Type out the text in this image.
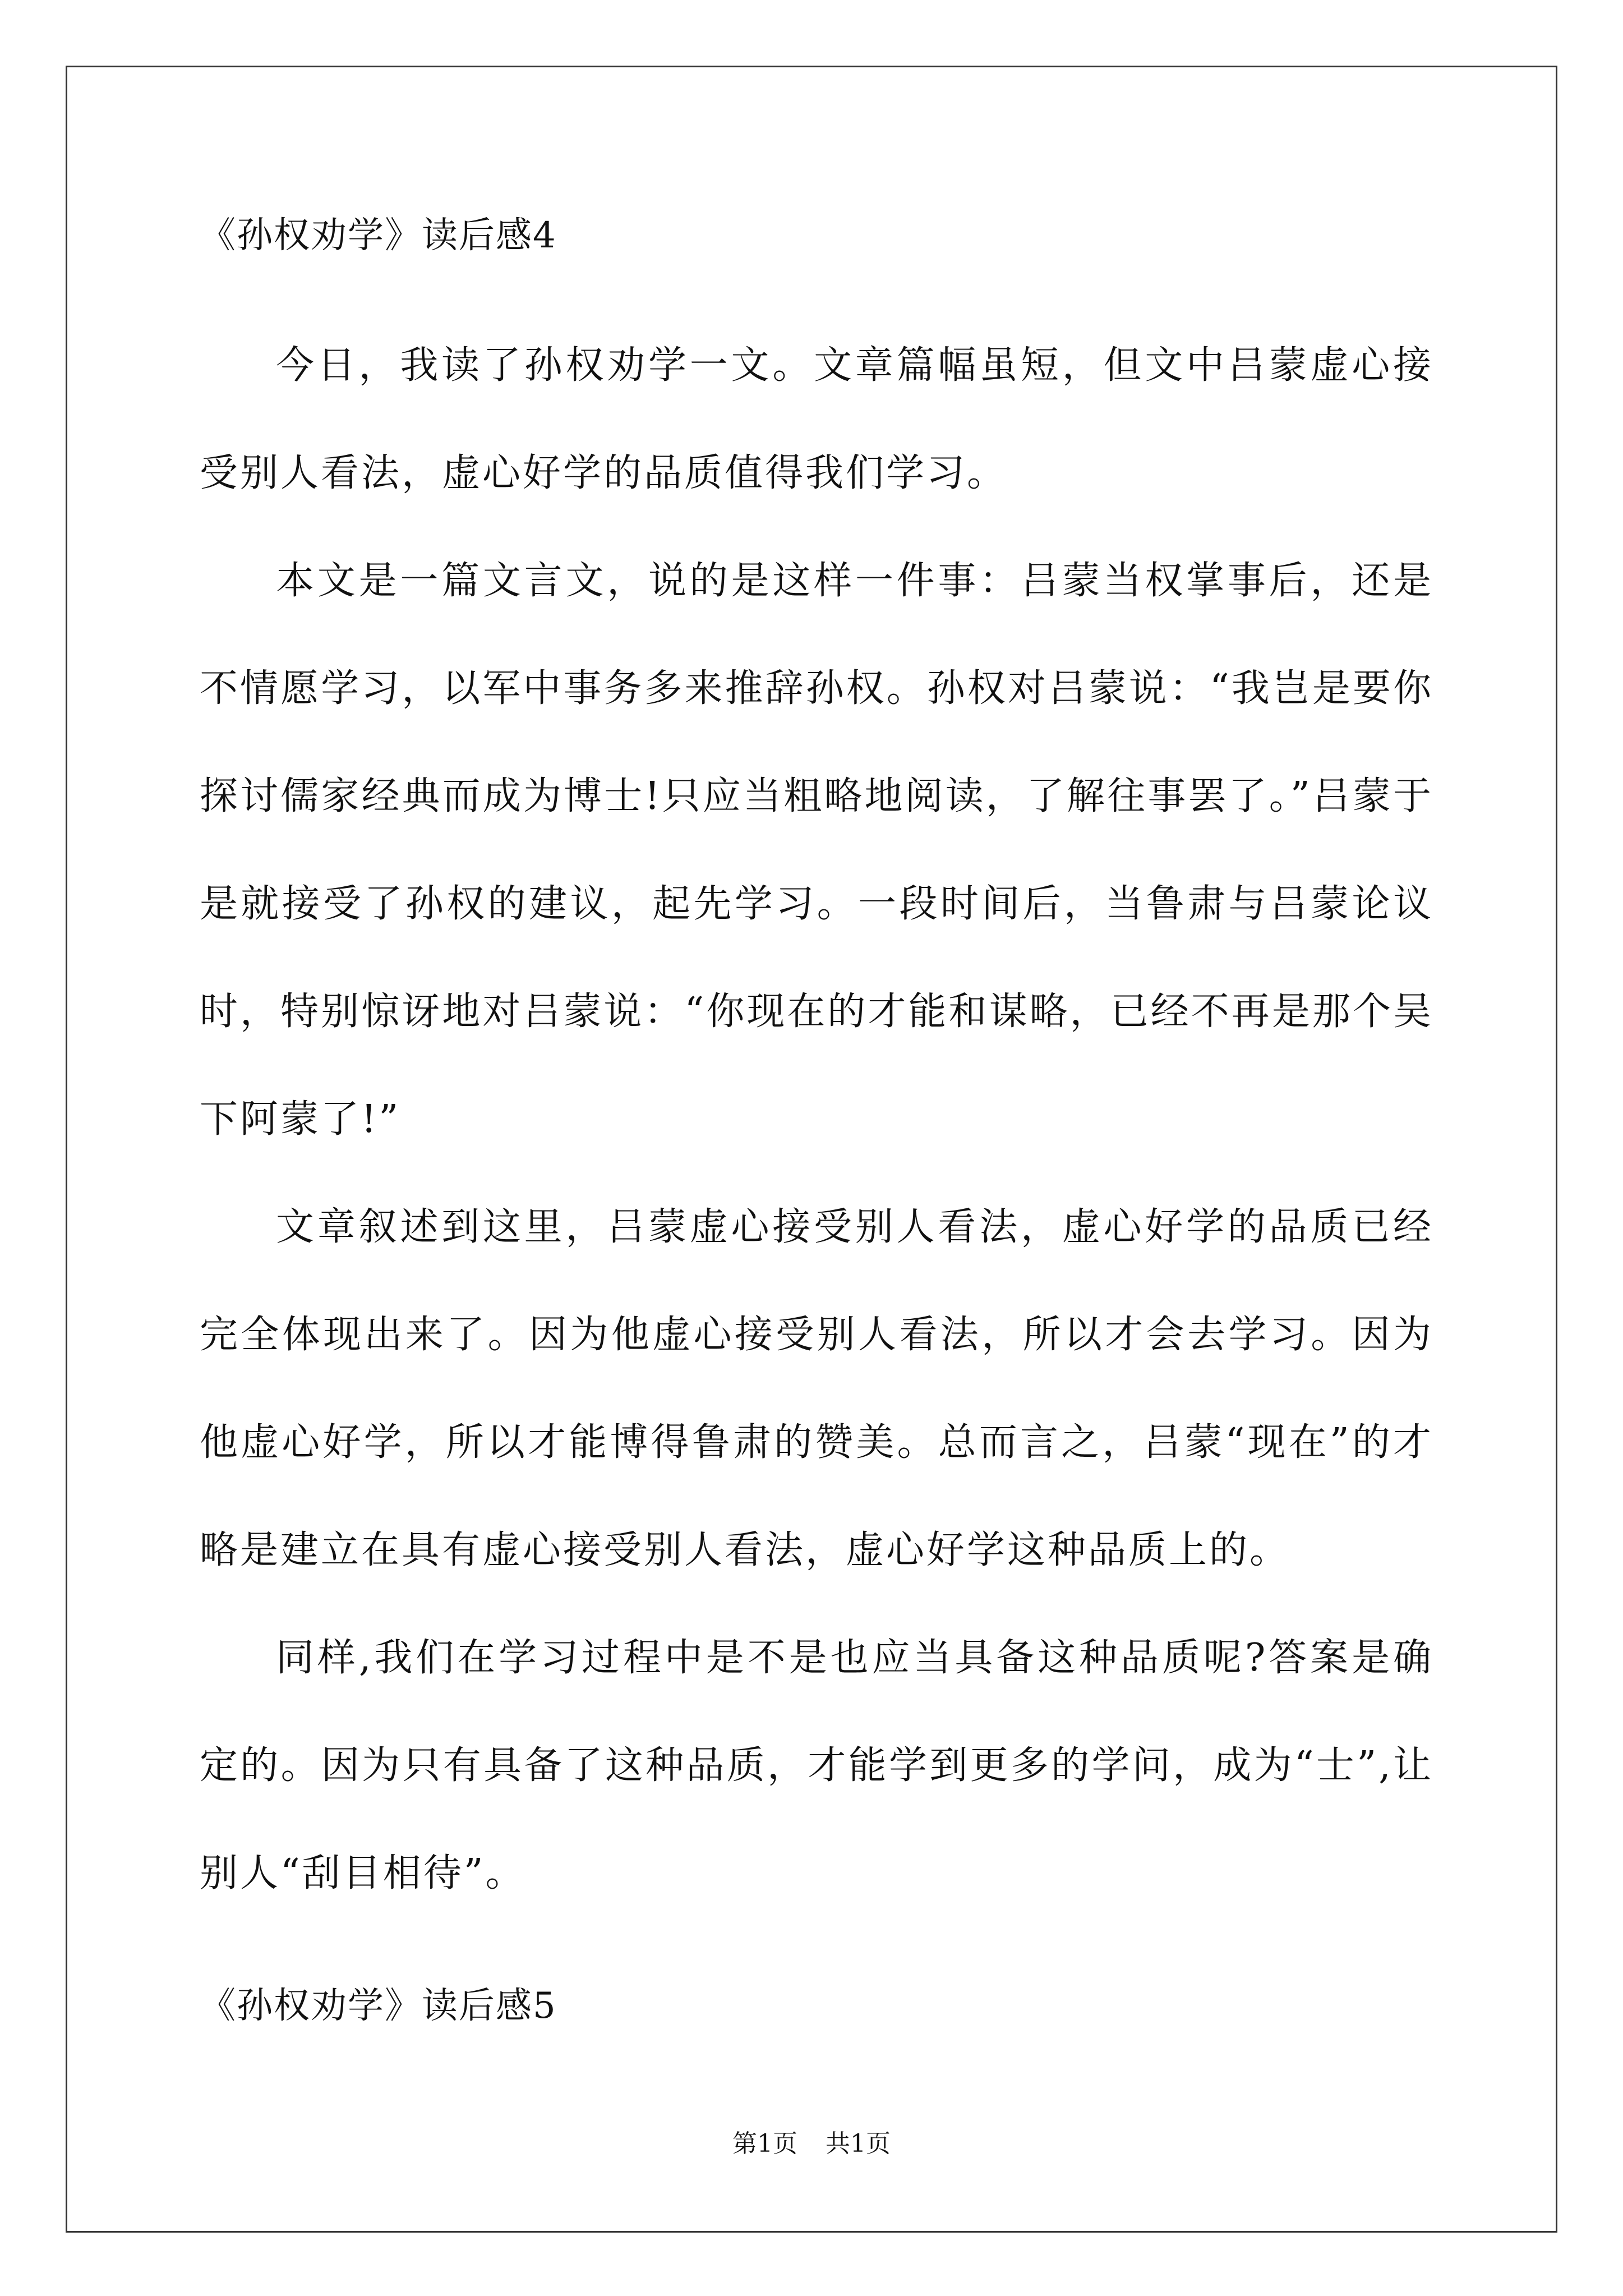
《孙权劝学》读后感4

今日，我读了孙权劝学一文。文章篇幅虽短，但文中吕蒙虚心接受别人看法，虚心好学的品质值得我们学习。

本文是一篇文言文，说的是这样一件事：吕蒙当权掌事后，还是不情愿学习，以军中事务多来推辞孙权。孙权对吕蒙说：“我岂是要你探讨儒家经典而成为博士!只应当粗略地阅读，了解往事罢了。”吕蒙于是就接受了孙权的建议，起先学习。一段时间后，当鲁肃与吕蒙论议时，特别惊讶地对吕蒙说：“你现在的才能和谋略，已经不再是那个吴下阿蒙了!”

文章叙述到这里，吕蒙虚心接受别人看法，虚心好学的品质已经完全体现出来了。因为他虚心接受别人看法，所以才会去学习。因为他虚心好学，所以才能博得鲁肃的赞美。总而言之，吕蒙“现在”的才略是建立在具有虚心接受别人看法，虚心好学这种品质上的。

同样,我们在学习过程中是不是也应当具备这种品质呢?答案是确定的。因为只有具备了这种品质，才能学到更多的学问，成为“士”,让别人“刮目相待”。

《孙权劝学》读后感5
第1页 共1页
